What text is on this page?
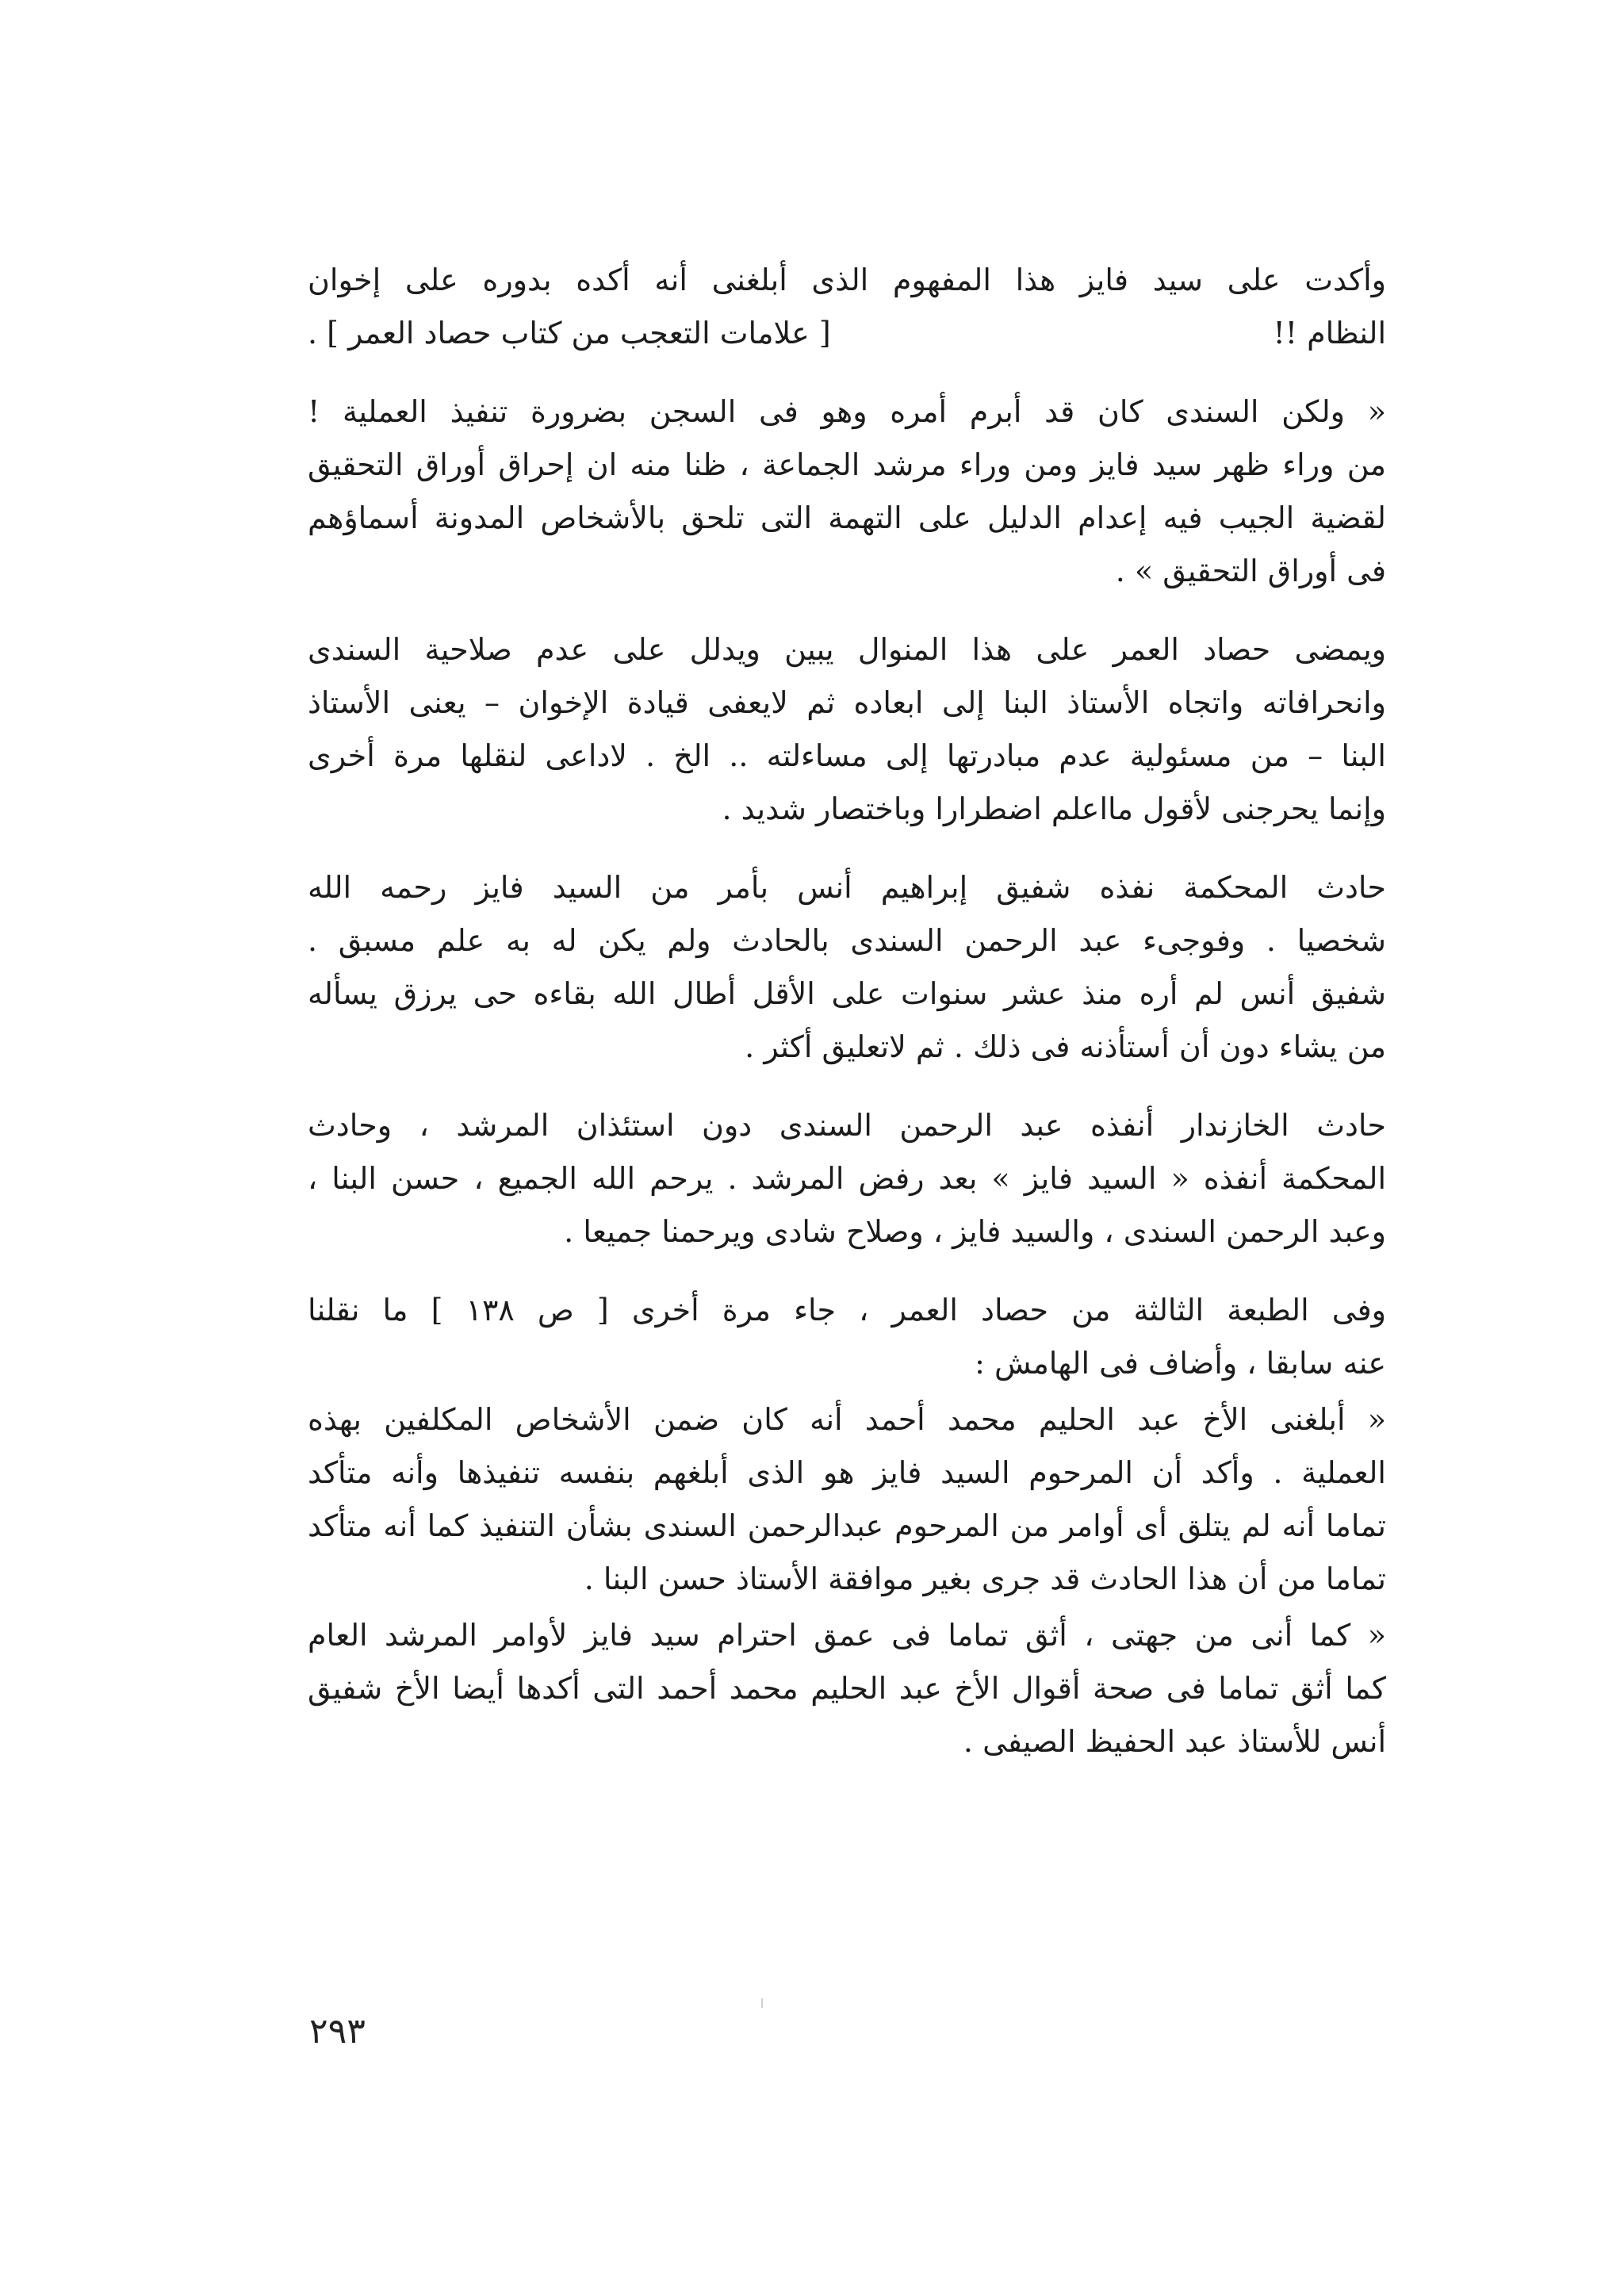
وأكدت على سيد فايز هذا المفهوم الذى أبلغنى أنه أكده بدوره على إخوان
النظام !!
[ علامات التعجب من كتاب حصاد العمر ] .

« ولكن السندى كان قد أبرم أمره وهو فى السجن بضرورة تنفيذ العملية !
من وراء ظهر سيد فايز ومن وراء مرشد الجماعة ، ظنا منه ان إحراق أوراق التحقيق
لقضية الجيب فيه إعدام الدليل على التهمة التى تلحق بالأشخاص المدونة أسماؤهم
فى أوراق التحقيق » .

ويمضى حصاد العمر على هذا المنوال يبين ويدلل على عدم صلاحية السندى
وانحرافاته واتجاه الأستاذ البنا إلى ابعاده ثم لايعفى قيادة الإخوان – يعنى الأستاذ
البنا – من مسئولية عدم مبادرتها إلى مساءلته .. الخ . لاداعى لنقلها مرة أخرى
وإنما يحرجنى لأقول مااعلم اضطرارا وباختصار شديد .

حادث المحكمة نفذه شفيق إبراهيم أنس بأمر من السيد فايز رحمه الله
شخصيا . وفوجىء عبد الرحمن السندى بالحادث ولم يكن له به علم مسبق .
شفيق أنس لم أره منذ عشر سنوات على الأقل أطال الله بقاءه حى يرزق يسأله
من يشاء دون أن أستأذنه فى ذلك . ثم لاتعليق أكثر .

حادث الخازندار أنفذه عبد الرحمن السندى دون استئذان المرشد ، وحادث
المحكمة أنفذه « السيد فايز » بعد رفض المرشد . يرحم الله الجميع ، حسن البنا ،
وعبد الرحمن السندى ، والسيد فايز ، وصلاح شادى ويرحمنا جميعا .

وفى الطبعة الثالثة من حصاد العمر ، جاء مرة أخرى [ ص ١٣٨ ] ما نقلنا
عنه سابقا ، وأضاف فى الهامش :

« أبلغنى الأخ عبد الحليم محمد أحمد أنه كان ضمن الأشخاص المكلفين بهذه
العملية . وأكد أن المرحوم السيد فايز هو الذى أبلغهم بنفسه تنفيذها وأنه متأكد
تماما أنه لم يتلق أى أوامر من المرحوم عبدالرحمن السندى بشأن التنفيذ كما أنه متأكد
تماما من أن هذا الحادث قد جرى بغير موافقة الأستاذ حسن البنا .

« كما أنى من جهتى ، أثق تماما فى عمق احترام سيد فايز لأوامر المرشد العام
كما أثق تماما فى صحة أقوال الأخ عبد الحليم محمد أحمد التى أكدها أيضا الأخ شفيق
أنس للأستاذ عبد الحفيظ الصيفى .

٢٩٣
